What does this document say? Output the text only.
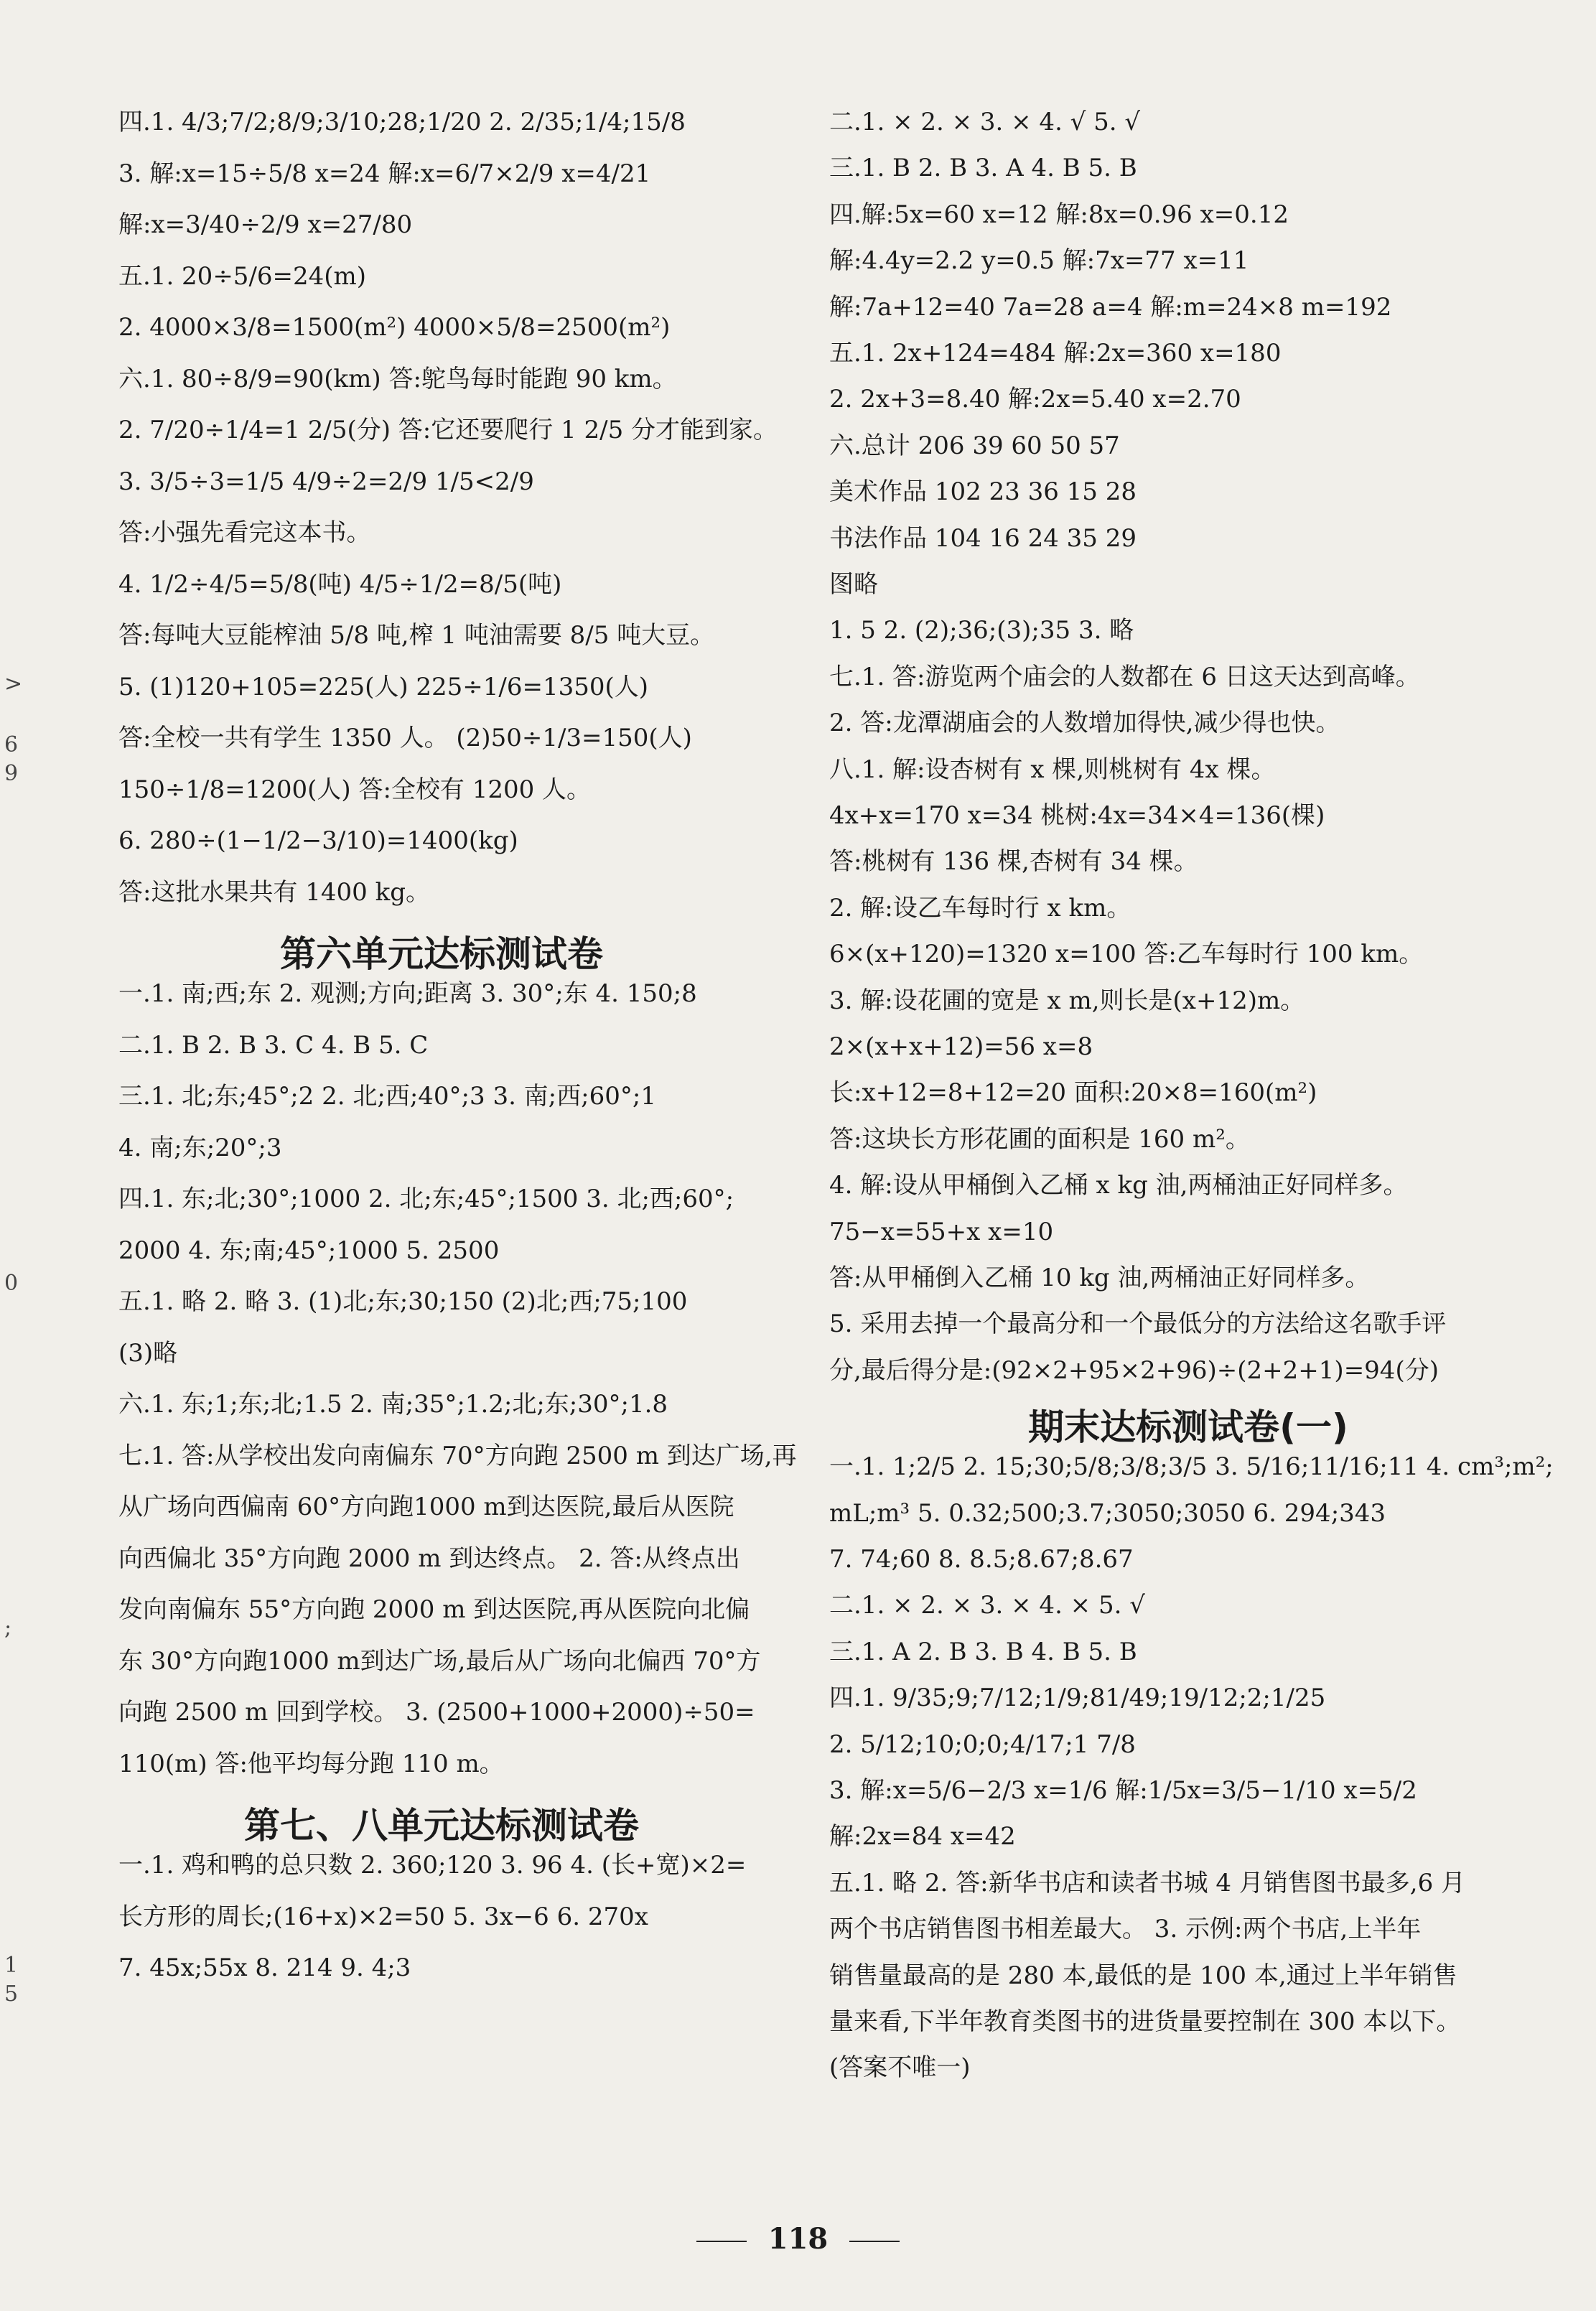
四.1. 4/3;7/2;8/9;3/10;28;1/20 2. 2/35;1/4;15/8
3. 解:x=15÷5/8 x=24 解:x=6/7×2/9 x=4/21
解:x=3/40÷2/9 x=27/80
五.1. 20÷5/6=24(m)
2. 4000×3/8=1500(m²) 4000×5/8=2500(m²)
六.1. 80÷8/9=90(km) 答:鸵鸟每时能跑 90 km。
2. 7/20÷1/4=1 2/5(分) 答:它还要爬行 1 2/5 分才能到家。
3. 3/5÷3=1/5 4/9÷2=2/9 1/5<2/9
答:小强先看完这本书。
4. 1/2÷4/5=5/8(吨) 4/5÷1/2=8/5(吨)
答:每吨大豆能榨油 5/8 吨,榨 1 吨油需要 8/5 吨大豆。
5. (1)120+105=225(人) 225÷1/6=1350(人)
答:全校一共有学生 1350 人。 (2)50÷1/3=150(人)
150÷1/8=1200(人) 答:全校有 1200 人。
6. 280÷(1−1/2−3/10)=1400(kg)
答:这批水果共有 1400 kg。
第六单元达标测试卷
一.1. 南;西;东 2. 观测;方向;距离 3. 30°;东 4. 150;8
二.1. B 2. B 3. C 4. B 5. C
三.1. 北;东;45°;2 2. 北;西;40°;3 3. 南;西;60°;1
4. 南;东;20°;3
四.1. 东;北;30°;1000 2. 北;东;45°;1500 3. 北;西;60°;
2000 4. 东;南;45°;1000 5. 2500
五.1. 略 2. 略 3. (1)北;东;30;150 (2)北;西;75;100
(3)略
六.1. 东;1;东;北;1.5 2. 南;35°;1.2;北;东;30°;1.8
七.1. 答:从学校出发向南偏东 70°方向跑 2500 m 到达广场,再
从广场向西偏南 60°方向跑1000 m到达医院,最后从医院
向西偏北 35°方向跑 2000 m 到达终点。 2. 答:从终点出
发向南偏东 55°方向跑 2000 m 到达医院,再从医院向北偏
东 30°方向跑1000 m到达广场,最后从广场向北偏西 70°方
向跑 2500 m 回到学校。 3. (2500+1000+2000)÷50=
110(m) 答:他平均每分跑 110 m。
第七、八单元达标测试卷
一.1. 鸡和鸭的总只数 2. 360;120 3. 96 4. (长+宽)×2=
长方形的周长;(16+x)×2=50 5. 3x−6 6. 270x
7. 45x;55x 8. 214 9. 4;3
二.1. × 2. × 3. × 4. √ 5. √
三.1. B 2. B 3. A 4. B 5. B
四.解:5x=60 x=12 解:8x=0.96 x=0.12
解:4.4y=2.2 y=0.5 解:7x=77 x=11
解:7a+12=40 7a=28 a=4 解:m=24×8 m=192
五.1. 2x+124=484 解:2x=360 x=180
2. 2x+3=8.40 解:2x=5.40 x=2.70
六.总计 206 39 60 50 57
美术作品 102 23 36 15 28
书法作品 104 16 24 35 29
图略
1. 5 2. (2);36;(3);35 3. 略
七.1. 答:游览两个庙会的人数都在 6 日这天达到高峰。
2. 答:龙潭湖庙会的人数增加得快,减少得也快。
八.1. 解:设杏树有 x 棵,则桃树有 4x 棵。
4x+x=170 x=34 桃树:4x=34×4=136(棵)
答:桃树有 136 棵,杏树有 34 棵。
2. 解:设乙车每时行 x km。
6×(x+120)=1320 x=100 答:乙车每时行 100 km。
3. 解:设花圃的宽是 x m,则长是(x+12)m。
2×(x+x+12)=56 x=8
长:x+12=8+12=20 面积:20×8=160(m²)
答:这块长方形花圃的面积是 160 m²。
4. 解:设从甲桶倒入乙桶 x kg 油,两桶油正好同样多。
75−x=55+x x=10
答:从甲桶倒入乙桶 10 kg 油,两桶油正好同样多。
5. 采用去掉一个最高分和一个最低分的方法给这名歌手评
分,最后得分是:(92×2+95×2+96)÷(2+2+1)=94(分)
期末达标测试卷(一)
一.1. 1;2/5 2. 15;30;5/8;3/8;3/5 3. 5/16;11/16;11 4. cm³;m²;
mL;m³ 5. 0.32;500;3.7;3050;3050 6. 294;343
7. 74;60 8. 8.5;8.67;8.67
二.1. × 2. × 3. × 4. × 5. √
三.1. A 2. B 3. B 4. B 5. B
四.1. 9/35;9;7/12;1/9;81/49;19/12;2;1/25
2. 5/12;10;0;0;4/17;1 7/8
3. 解:x=5/6−2/3 x=1/6 解:1/5x=3/5−1/10 x=5/2
解:2x=84 x=42
五.1. 略 2. 答:新华书店和读者书城 4 月销售图书最多,6 月
两个书店销售图书相差最大。 3. 示例:两个书店,上半年
销售量最高的是 280 本,最低的是 100 本,通过上半年销售
量来看,下半年教育类图书的进货量要控制在 300 本以下。
(答案不唯一)
>
6
9
0
;
1
5
118
